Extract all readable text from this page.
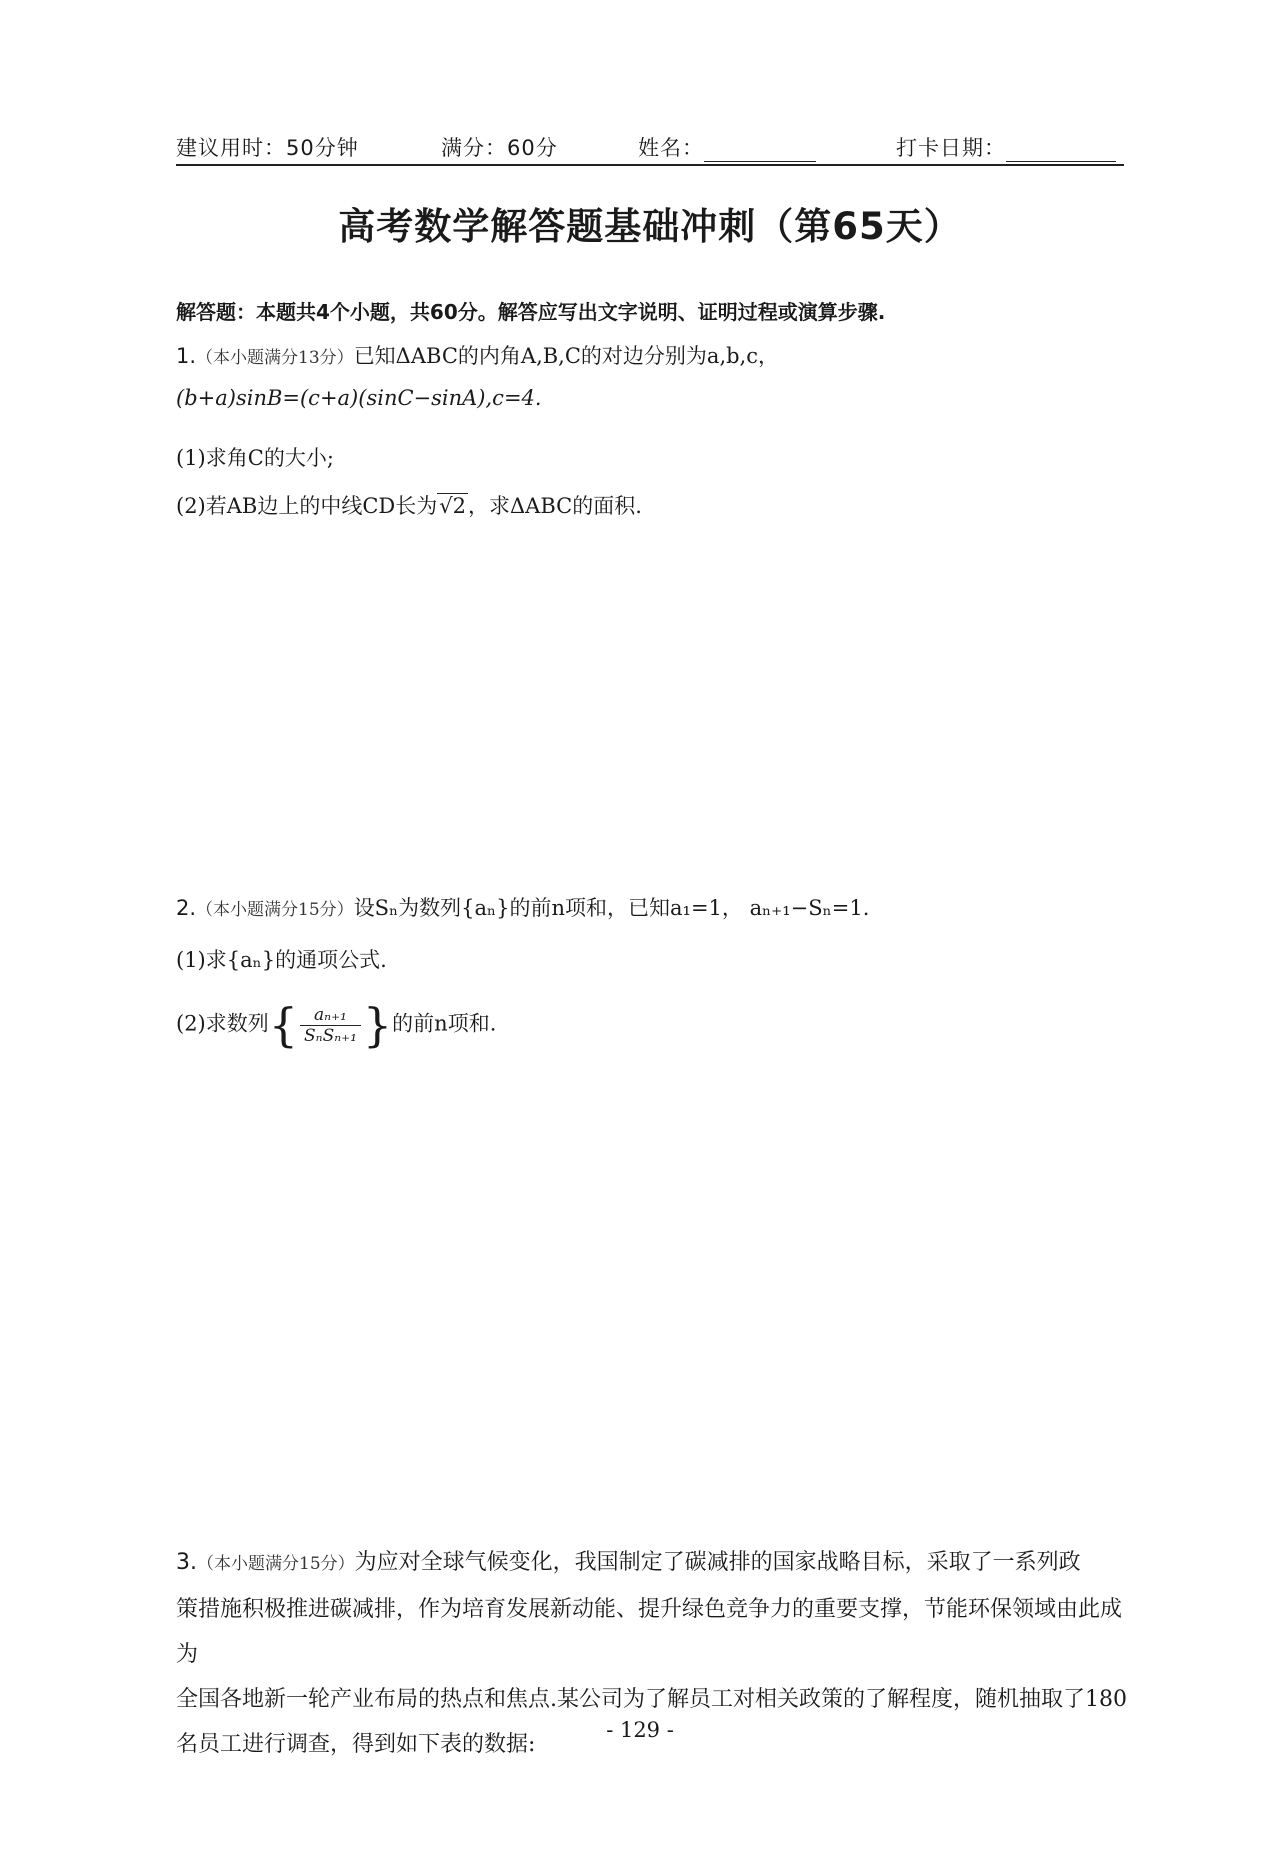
建议用时：50分钟	满分：60分	姓名：	打卡日期：
高考数学解答题基础冲刺（第65天）
解答题：本题共4个小题，共60分。解答应写出文字说明、证明过程或演算步骤.
1.（本小题满分13分）已知ΔABC的内角A,B,C的对边分别为a,b,c，
(b+a)sinB=(c+a)(sinC−sinA),c=4.
(1)求角C的大小;
(2)若AB边上的中线CD长为√2，求ΔABC的面积.
2.（本小题满分15分）设Sₙ为数列{aₙ}的前n项和，已知a₁=1， aₙ₊₁−Sₙ=1.
(1)求{aₙ}的通项公式.
(2)求数列{ $\frac{\text{aₙ₊₁}}{\text{SₙSₙ₊₁}}$ }的前n项和.
3.（本小题满分15分）为应对全球气候变化，我国制定了碳减排的国家战略目标，采取了一系列政
策措施积极推进碳减排，作为培育发展新动能、提升绿色竞争力的重要支撑，节能环保领域由此成为
全国各地新一轮产业布局的热点和焦点.某公司为了解员工对相关政策的了解程度，随机抽取了180
名员工进行调查，得到如下表的数据:
- 129 -
